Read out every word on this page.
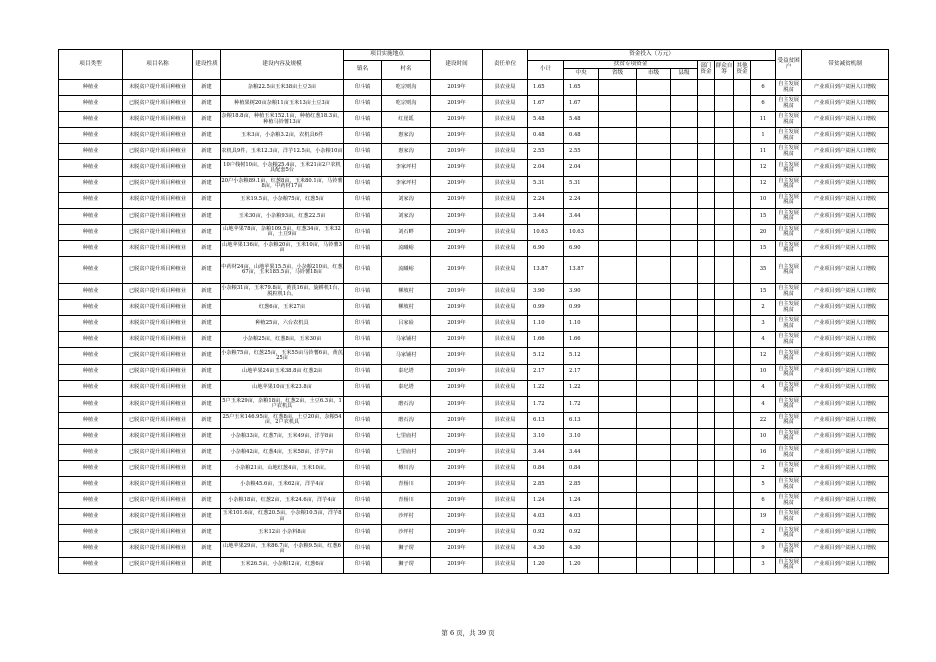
项目类型	项目名称	建设性质	建设内容及规模	项目实施地点		建设时间	责任单位	资金投入（万元）									受益贫困户	带贫减贫机制	
				镇名	村名			小计	扶贫专项资金				部门资金	群众自筹	其他资金				
									中央	省级	市级	县级							
种植业	未脱贫户提升项目种植业	新建	杂粮22.5亩玉米38亩土豆3亩	印斗镇	吃宗则沟	2019年	县农业局	1.65	1.65							6	自主发展脱贫	产业项目到户贫困人口增收	
种植业	已脱贫户提升项目种植业	新建	种植果树20亩杂粮11亩玉米13亩土豆3亩	印斗镇	吃宗则沟	2019年	县农业局	1.67	1.67							6	自主发展脱贫	产业项目到户贫困人口增收	
种植业	未脱贫户提升项目种植业	新建	杂粮18.8亩，种植玉米152.1亩，种植红葱18.3亩，种植马铃薯13亩	印斗镇	红崖坬	2019年	县农业局	5.48	5.48							11	自主发展脱贫	产业项目到户贫困人口增收	
种植业	未脱贫户提升项目种植业	新建	玉米3亩，小杂粮3.2亩，农机具6件	印斗镇	惠家沟	2019年	县农业局	0.48	0.48							1	自主发展脱贫	产业项目到户贫困人口增收	
种植业	已脱贫户提升项目种植业	新建	农机具9件，玉米12.3亩，洋芋12.5亩，小杂粮10亩	印斗镇	惠家沟	2019年	县农业局	2.55	2.55							11	自主发展脱贫	产业项目到户贫困人口增收	
种植业	未脱贫户提升项目种植业	新建	10户栈树10亩，小杂粮25.4亩，玉米21亩2户农机具配套5台	印斗镇	李家坪村	2019年	县农业局	2.04	2.04							12	自主发展脱贫	产业项目到户贫困人口增收	
种植业	已脱贫户提升项目种植业	新建	20户小杂粮89.1亩，红葱8亩，玉米80.1亩，马铃薯8亩，中药材17亩	印斗镇	李家坪村	2019年	县农业局	5.31	5.31							12	自主发展脱贫	产业项目到户贫困人口增收	
种植业	未脱贫户提升项目种植业	新建	玉米19.5亩，小杂粮75亩，红葱5亩	印斗镇	刘家沟	2019年	县农业局	2.24	2.24							10	自主发展脱贫	产业项目到户贫困人口增收	
种植业	已脱贫户提升项目种植业	新建	玉米30亩，小杂粮93亩，红葱22.5亩	印斗镇	刘家沟	2019年	县农业局	3.44	3.44							15	自主发展脱贫	产业项目到户贫困人口增收	
种植业	已脱贫户提升项目种植业	新建	山地苹果78亩，杂粮109.5亩，红葱34亩，玉米32亩，土豆9亩	印斗镇	刘石畔	2019年	县农业局	10.63	10.63							20	自主发展脱贫	产业项目到户贫困人口增收	
种植业	未脱贫户提升项目种植业	新建	山地苹果136亩，小杂粮20亩，玉米10亩，马铃薯3亩	印斗镇	流曦峪	2019年	县农业局	6.90	6.90							15	自主发展脱贫	产业项目到户贫困人口增收	
种植业	已脱贫户提升项目种植业	新建	中药材24亩，山地苹果15.5亩，小杂粮210亩，红葱67亩，玉米185.5亩，马铃薯18亩	印斗镇	流曦峪	2019年	县农业局	13.87	13.87							35	自主发展脱贫	产业项目到户贫困人口增收	
种植业	已脱贫户提升项目种植业	新建	小杂粮31亩，玉米79.8亩，黄芪16亩，旋耕机1台，脱粒机1台。	印斗镇	柳坡村	2019年	县农业局	3.90	3.90							15	自主发展脱贫	产业项目到户贫困人口增收	
种植业	未脱贫户提升项目种植业	新建	红葱6亩，玉米27亩	印斗镇	柳坡村	2019年	县农业局	0.99	0.99							2	自主发展脱贫	产业项目到户贫困人口增收	
种植业	未脱贫户提升项目种植业	新建	种植25亩，六台农机具	印斗镇	吕家硷	2019年	县农业局	1.10	1.10							3	自主发展脱贫	产业项目到户贫困人口增收	
种植业	未脱贫户提升项目种植业	新建	小杂粮25亩，红葱8亩，玉米30亩	印斗镇	马家铺村	2019年	县农业局	1.66	1.66							4	自主发展脱贫	产业项目到户贫困人口增收	
种植业	已脱贫户提升项目种植业	新建	小杂粮75亩，红葱25亩，玉米55亩马铃薯6亩，黄芪25亩	印斗镇	马家铺村	2019年	县农业局	5.12	5.12							12	自主发展脱贫	产业项目到户贫困人口增收	
种植业	已脱贫户提升项目种植业	新建	山地苹果24亩玉米38.8亩 红葱2亩	印斗镇	泰玘塔	2019年	县农业局	2.17	2.17							10	自主发展脱贫	产业项目到户贫困人口增收	
种植业	未脱贫户提升项目种植业	新建	山地苹果10亩玉米23.8亩	印斗镇	泰玘塔	2019年	县农业局	1.22	1.22							4	自主发展脱贫	产业项目到户贫困人口增收	
种植业	未脱贫户提升项目种植业	新建	5户玉米29亩，杂粮18亩，红葱2亩，土豆6.3亩，1户农机具	印斗镇	磨石沟	2019年	县农业局	1.72	1.72							4	自主发展脱贫	产业项目到户贫困人口增收	
种植业	已脱贫户提升项目种植业	新建	25户玉米146.95亩，红葱8亩，土豆20亩，杂粮54亩，2户农机具	印斗镇	磨石沟	2019年	县农业局	6.13	6.13							22	自主发展脱贫	产业项目到户贫困人口增收	
种植业	未脱贫户提升项目种植业	新建	小杂粮33亩，红葱7亩，玉米49亩，洋芋8亩	印斗镇	七里庙村	2019年	县农业局	3.10	3.10							10	自主发展脱贫	产业项目到户贫困人口增收	
种植业	已脱贫户提升项目种植业	新建	小杂粮42亩，红葱4亩，玉米58亩，洋芋7亩	印斗镇	七里庙村	2019年	县农业局	3.44	3.44							16	自主发展脱贫	产业项目到户贫困人口增收	
种植业	已脱贫户提升项目种植业	新建	小杂粮21亩，山地红葱4亩，玉米10亩。	印斗镇	樽川沟	2019年	县农业局	0.84	0.84							2	自主发展脱贫	产业项目到户贫困人口增收	
种植业	未脱贫户提升项目种植业	新建	小杂粮45.6亩，玉米62亩，洋芋4亩	印斗镇	青杨川	2019年	县农业局	2.85	2.85							5	自主发展脱贫	产业项目到户贫困人口增收	
种植业	已脱贫户提升项目种植业	新建	小杂粮18亩，红葱2亩，玉米24.6亩，洋芋4亩	印斗镇	青杨川	2019年	县农业局	1.24	1.24							6	自主发展脱贫	产业项目到户贫困人口增收	
种植业	未脱贫户提升项目种植业	新建	玉米101.6亩，红葱20.5亩，小杂粮10.5亩，洋芋8亩	印斗镇	沙坪村	2019年	县农业局	4.03	4.03							19	自主发展脱贫	产业项目到户贫困人口增收	
种植业	已脱贫户提升项目种植业	新建	玉米12亩 小杂料8亩	印斗镇	沙坪村	2019年	县农业局	0.92	0.92							2	自主发展脱贫	产业项目到户贫困人口增收	
种植业	未脱贫户提升项目种植业	新建	山地苹果29亩，玉米86.7亩，小杂粮9.5亩，红葱6亩	印斗镇	狮子塄	2019年	县农业局	4.30	4.30							9	自主发展脱贫	产业项目到户贫困人口增收	
种植业	已脱贫户提升项目种植业	新建	玉米26.5亩，小杂粮12亩，红葱6亩	印斗镇	狮子塄	2019年	县农业局	1.20	1.20							3	自主发展脱贫	产业项目到户贫困人口增收	
第 6 页，共 39 页
